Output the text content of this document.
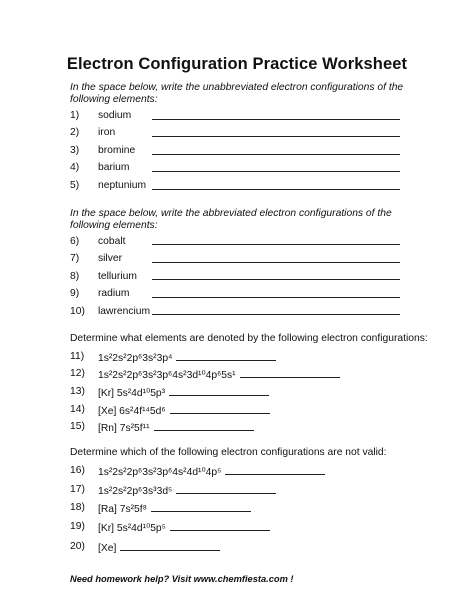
Electron Configuration Practice Worksheet
In the space below, write the unabbreviated electron configurations of the following elements:
1) sodium
2) iron
3) bromine
4) barium
5) neptunium
In the space below, write the abbreviated electron configurations of the following elements:
6) cobalt
7) silver
8) tellurium
9) radium
10) lawrencium
Determine what elements are denoted by the following electron configurations:
11) 1s²2s²2p⁶3s²3p⁴
12) 1s²2s²2p⁶3s²3p⁶4s²3d¹⁰4p⁶5s¹
13) [Kr] 5s²4d¹⁰5p³
14) [Xe] 6s²4f¹⁴5d⁶
15) [Rn] 7s²5f¹¹
Determine which of the following electron configurations are not valid:
16) 1s²2s²2p⁶3s²3p⁶4s²4d¹⁰4p⁵
17) 1s²2s²2p⁶3s³3d⁵
18) [Ra] 7s²5f⁸
19) [Kr] 5s²4d¹⁰5p⁵
20) [Xe]
Need homework help? Visit www.chemfiesta.com !
